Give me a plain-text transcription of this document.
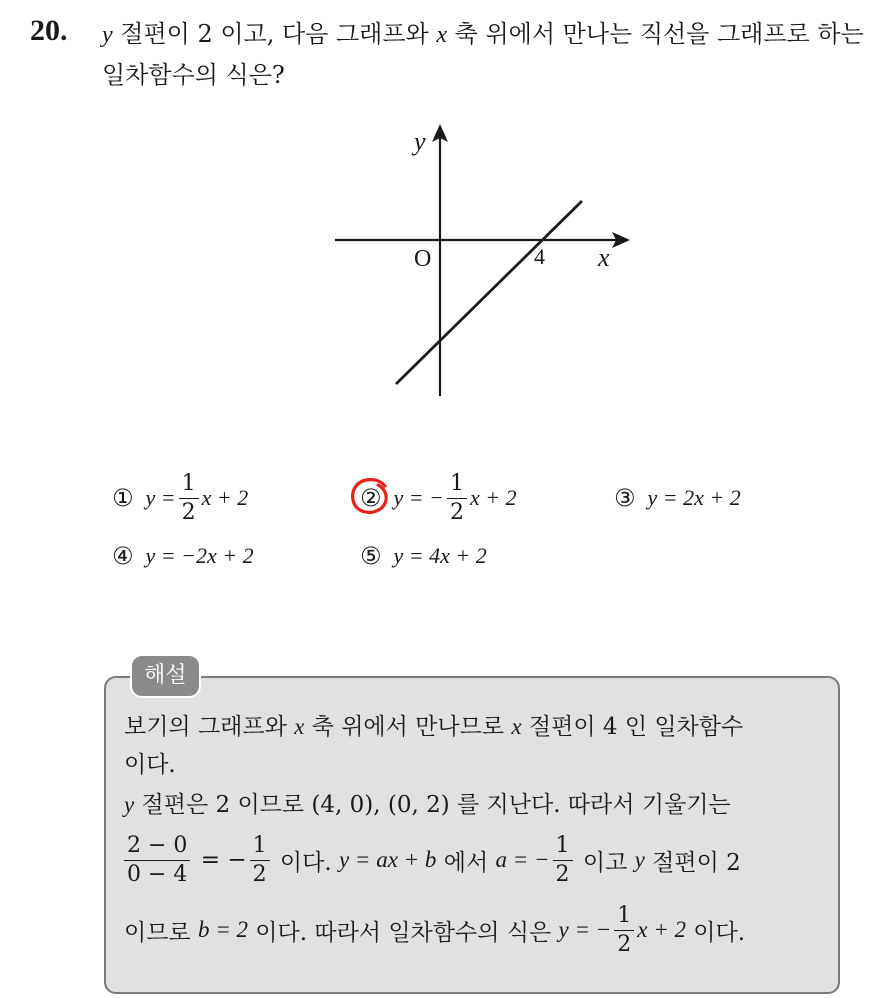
20. y 절편이 2 이고, 다음 그래프와 x 축 위에서 만나는 직선을 그래프로 하는 일차함수의 식은?
y
x
O	4
① $y = \frac{1}{2}$ x + 2	② y = − $\frac{1}{2}$ x + 2	③ y = 2x + 2
④ y = −2x + 2	⑤ y = 4x + 2
해설
보기의 그래프와 x 축 위에서 만나므로 x 절편이 4 인 일차함수
이다.
y 절편은 2 이므로 (4, 0), (0, 2) 를 지난다. 따라서 기울기는
$\frac{2 - 0}{0 - 4}$ = − $\frac{1}{2}$ 이다. y = ax + b 에서 a = − $\frac{1}{2}$ 이고 y 절편이 2
이므로 b = 2 이다. 따라서 일차함수의 식은 y = − $\frac{1}{2}$ x + 2 이다.
